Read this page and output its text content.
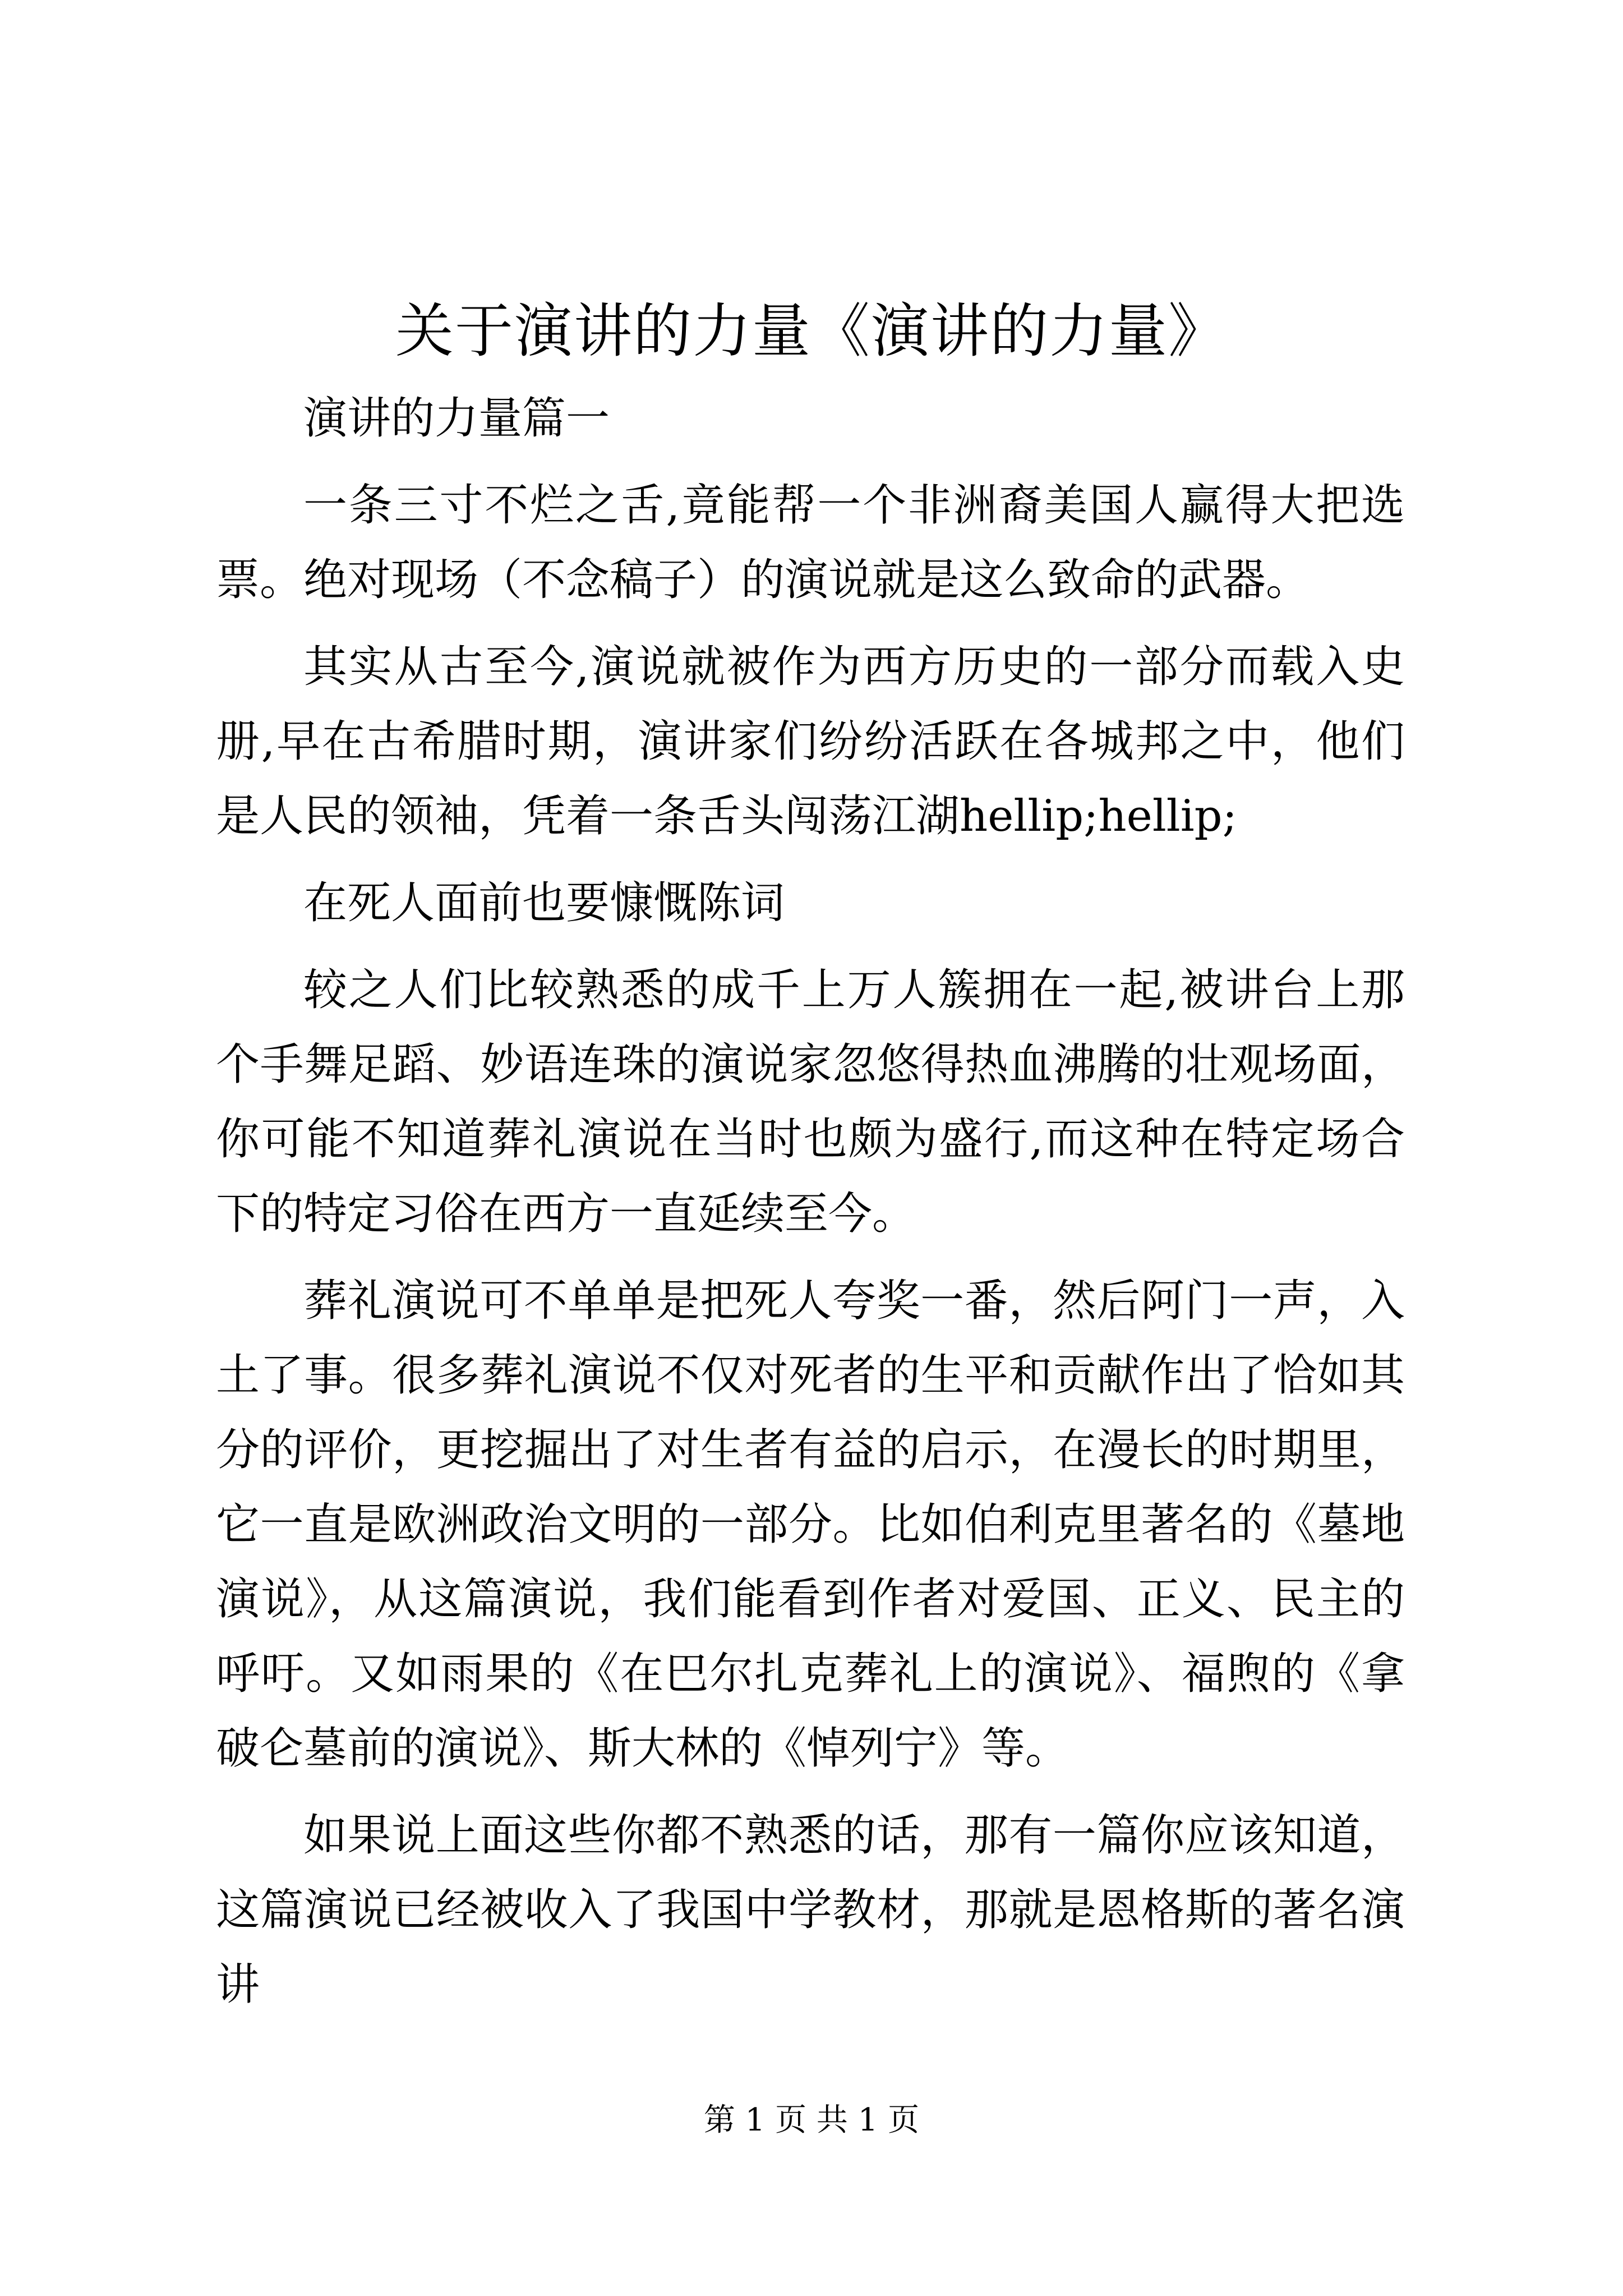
关于演讲的力量《演讲的力量》

演讲的力量篇一

一条三寸不烂之舌,竟能帮一个非洲裔美国人赢得大把选票。绝对现场（不念稿子）的演说就是这么致命的武器。

其实从古至今,演说就被作为西方历史的一部分而载入史册,早在古希腊时期，演讲家们纷纷活跃在各城邦之中，他们是人民的领袖，凭着一条舌头闯荡江湖hellip;hellip;

在死人面前也要慷慨陈词

较之人们比较熟悉的成千上万人簇拥在一起,被讲台上那个手舞足蹈、妙语连珠的演说家忽悠得热血沸腾的壮观场面，你可能不知道葬礼演说在当时也颇为盛行,而这种在特定场合下的特定习俗在西方一直延续至今。

葬礼演说可不单单是把死人夸奖一番，然后阿门一声，入土了事。很多葬礼演说不仅对死者的生平和贡献作出了恰如其分的评价，更挖掘出了对生者有益的启示，在漫长的时期里，它一直是欧洲政治文明的一部分。比如伯利克里著名的《墓地演说》，从这篇演说，我们能看到作者对爱国、正义、民主的呼吁。又如雨果的《在巴尔扎克葬礼上的演说》、福煦的《拿破仑墓前的演说》、斯大林的《悼列宁》等。

如果说上面这些你都不熟悉的话，那有一篇你应该知道，这篇演说已经被收入了我国中学教材，那就是恩格斯的著名演讲

第 1 页 共 1 页
